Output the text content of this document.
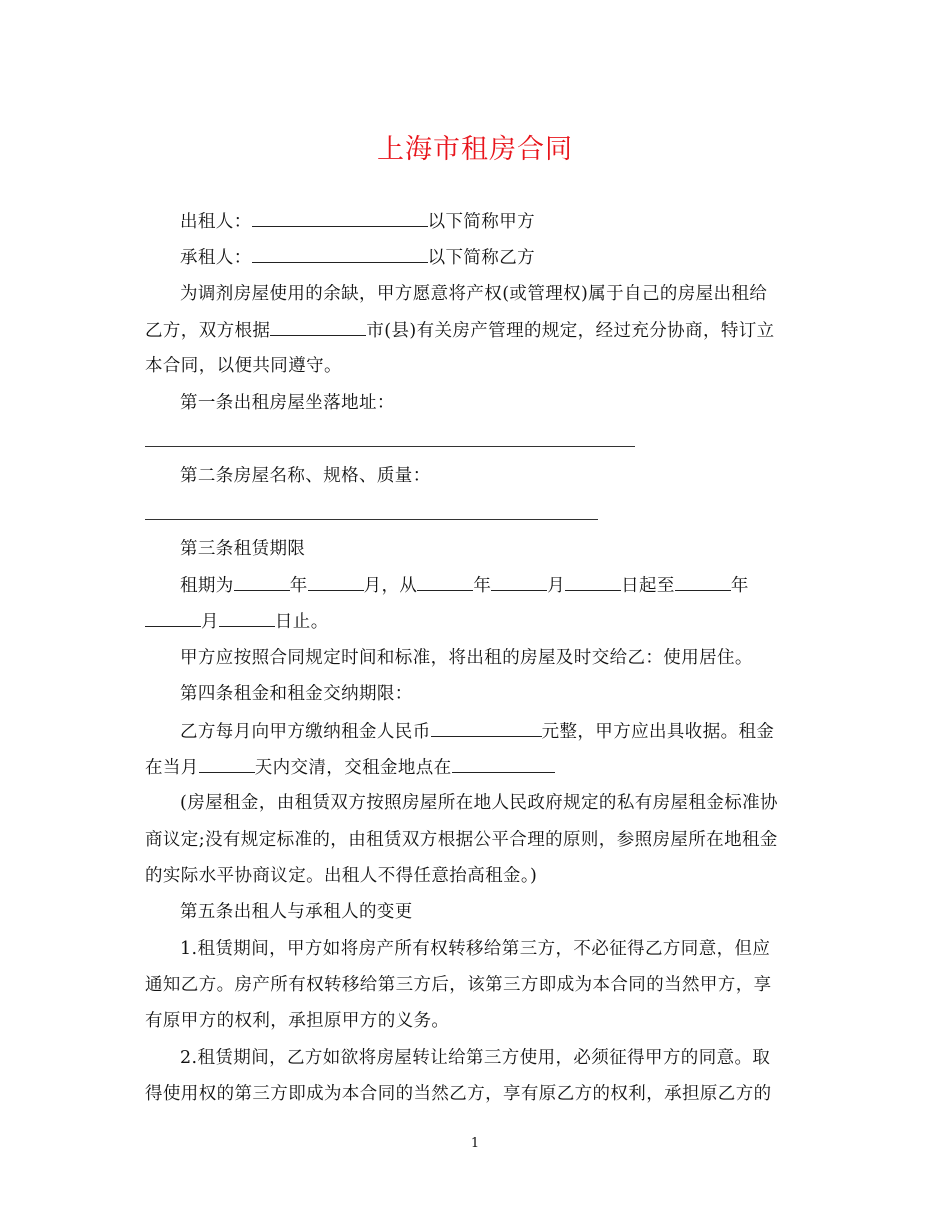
上海市租房合同
出租人：	以下简称甲方
承租人：	以下简称乙方
为调剂房屋使用的余缺，甲方愿意将产权(或管理权)属于自己的房屋出租给
乙方，双方根据	市(县)有关房产管理的规定，经过充分协商，特订立
本合同，以便共同遵守。
第一条出租房屋坐落地址：
第二条房屋名称、规格、质量：
第三条租赁期限
租期为	年	月，从	年	月	日起至	年
月	日止。
甲方应按照合同规定时间和标准，将出租的房屋及时交给乙：使用居住。
第四条租金和租金交纳期限：
乙方每月向甲方缴纳租金人民币	元整，甲方应出具收据。租金
在当月	天内交清，交租金地点在
(房屋租金，由租赁双方按照房屋所在地人民政府规定的私有房屋租金标准协
商议定;没有规定标准的，由租赁双方根据公平合理的原则，参照房屋所在地租金
的实际水平协商议定。出租人不得任意抬高租金。)
第五条出租人与承租人的变更
1.租赁期间，甲方如将房产所有权转移给第三方，不必征得乙方同意，但应
通知乙方。房产所有权转移给第三方后，该第三方即成为本合同的当然甲方，享
有原甲方的权利，承担原甲方的义务。
2.租赁期间，乙方如欲将房屋转让给第三方使用，必须征得甲方的同意。取
得使用权的第三方即成为本合同的当然乙方，享有原乙方的权利，承担原乙方的
1
